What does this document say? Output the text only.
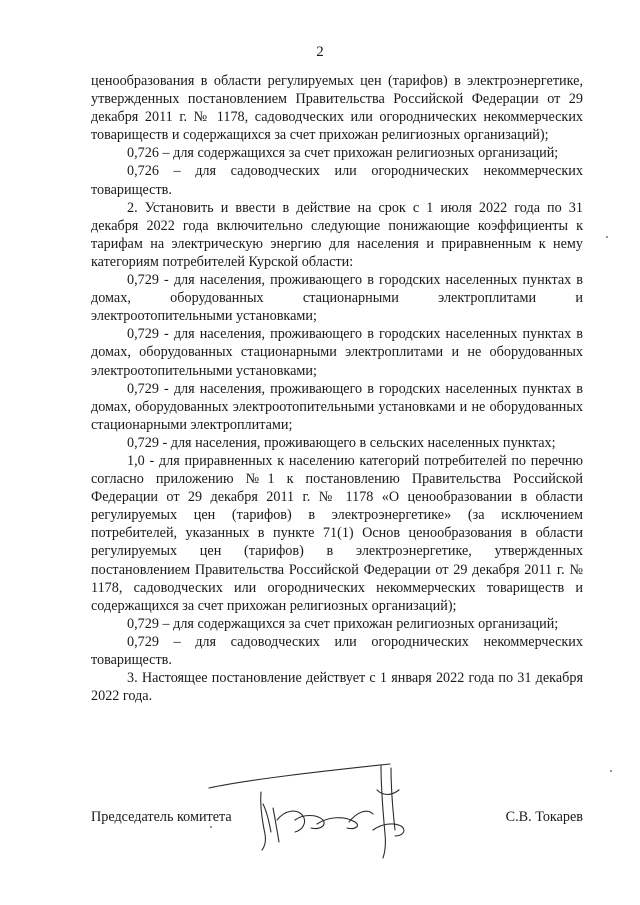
2

ценообразования в области регулируемых цен (тарифов) в электроэнергетике, утвержденных постановлением Правительства Российской Федерации от 29 декабря 2011 г. № 1178, садоводческих или огороднических некоммерческих товариществ и содержащихся за счет прихожан религиозных организаций);

0,726 – для содержащихся за счет прихожан религиозных организаций;

0,726 – для садоводческих или огороднических некоммерческих товариществ.

2. Установить и ввести в действие на срок с 1 июля 2022 года по 31 декабря 2022 года включительно следующие понижающие коэффициенты к тарифам на электрическую энергию для населения и приравненным к нему категориям потребителей Курской области:

0,729 - для населения, проживающего в городских населенных пунктах в домах, оборудованных стационарными электроплитами и электроотопительными установками;

0,729 - для населения, проживающего в городских населенных пунктах в домах, оборудованных стационарными электроплитами и не оборудованных электроотопительными установками;

0,729 - для населения, проживающего в городских населенных пунктах в домах, оборудованных электроотопительными установками и не оборудованных стационарными электроплитами;

0,729 - для населения, проживающего в сельских населенных пунктах;

1,0 - для приравненных к населению категорий потребителей по перечню согласно приложению №1 к постановлению Правительства Российской Федерации от 29 декабря 2011 г. № 1178 «О ценообразовании в области регулируемых цен (тарифов) в электроэнергетике» (за исключением потребителей, указанных в пункте 71(1) Основ ценообразования в области регулируемых цен (тарифов) в электроэнергетике, утвержденных постановлением Правительства Российской Федерации от 29 декабря 2011 г. № 1178, садоводческих или огороднических некоммерческих товариществ и содержащихся за счет прихожан религиозных организаций);

0,729 – для содержащихся за счет прихожан религиозных организаций;

0,729 – для садоводческих или огороднических некоммерческих товариществ.

3. Настоящее постановление действует с 1 января 2022 года по 31 декабря 2022 года.

Председатель комитета	С.В. Токарев
